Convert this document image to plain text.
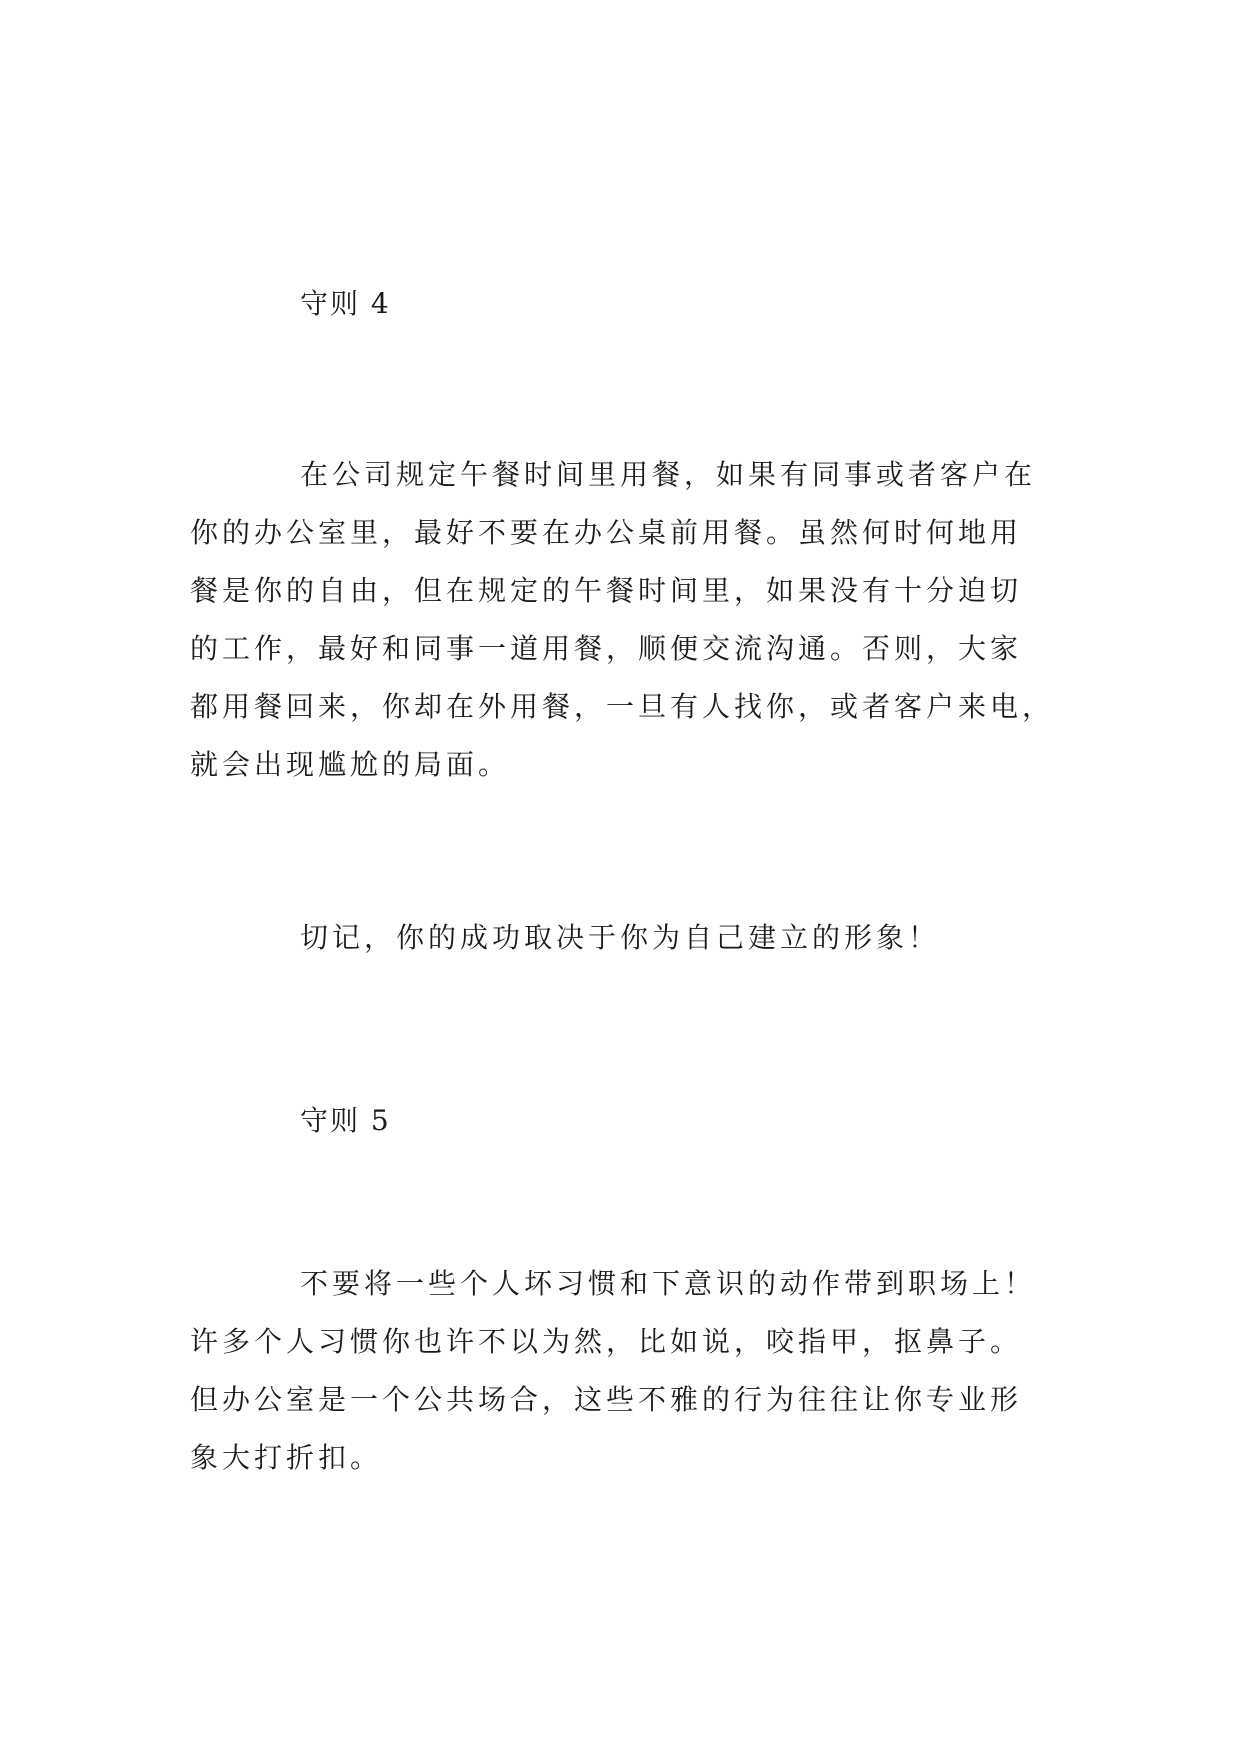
守则 4
在公司规定午餐时间里用餐，如果有同事或者客户在
你的办公室里，最好不要在办公桌前用餐。虽然何时何地用
餐是你的自由，但在规定的午餐时间里，如果没有十分迫切
的工作，最好和同事一道用餐，顺便交流沟通。否则，大家
都用餐回来，你却在外用餐，一旦有人找你，或者客户来电，
就会出现尴尬的局面。
切记，你的成功取决于你为自己建立的形象！
守则 5
不要将一些个人坏习惯和下意识的动作带到职场上！
许多个人习惯你也许不以为然，比如说，咬指甲，抠鼻子。
但办公室是一个公共场合，这些不雅的行为往往让你专业形
象大打折扣。
